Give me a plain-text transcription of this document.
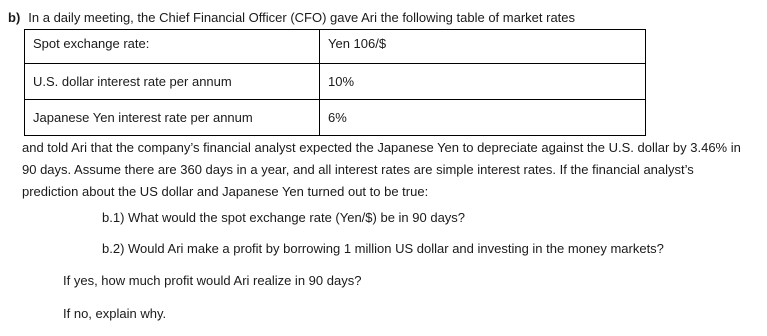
b) In a daily meeting, the Chief Financial Officer (CFO) gave Ari the following table of market rates
Spot exchange rate:	Yen 106/$
U.S. dollar interest rate per annum	10%
Japanese Yen interest rate per annum	6%
and told Ari that the company’s financial analyst expected the Japanese Yen to depreciate against the U.S. dollar by 3.46% in 90 days. Assume there are 360 days in a year, and all interest rates are simple interest rates. If the financial analyst’s prediction about the US dollar and Japanese Yen turned out to be true:
b.1) What would the spot exchange rate (Yen/$) be in 90 days?
b.2) Would Ari make a profit by borrowing 1 million US dollar and investing in the money markets?
If yes, how much profit would Ari realize in 90 days?
If no, explain why.
